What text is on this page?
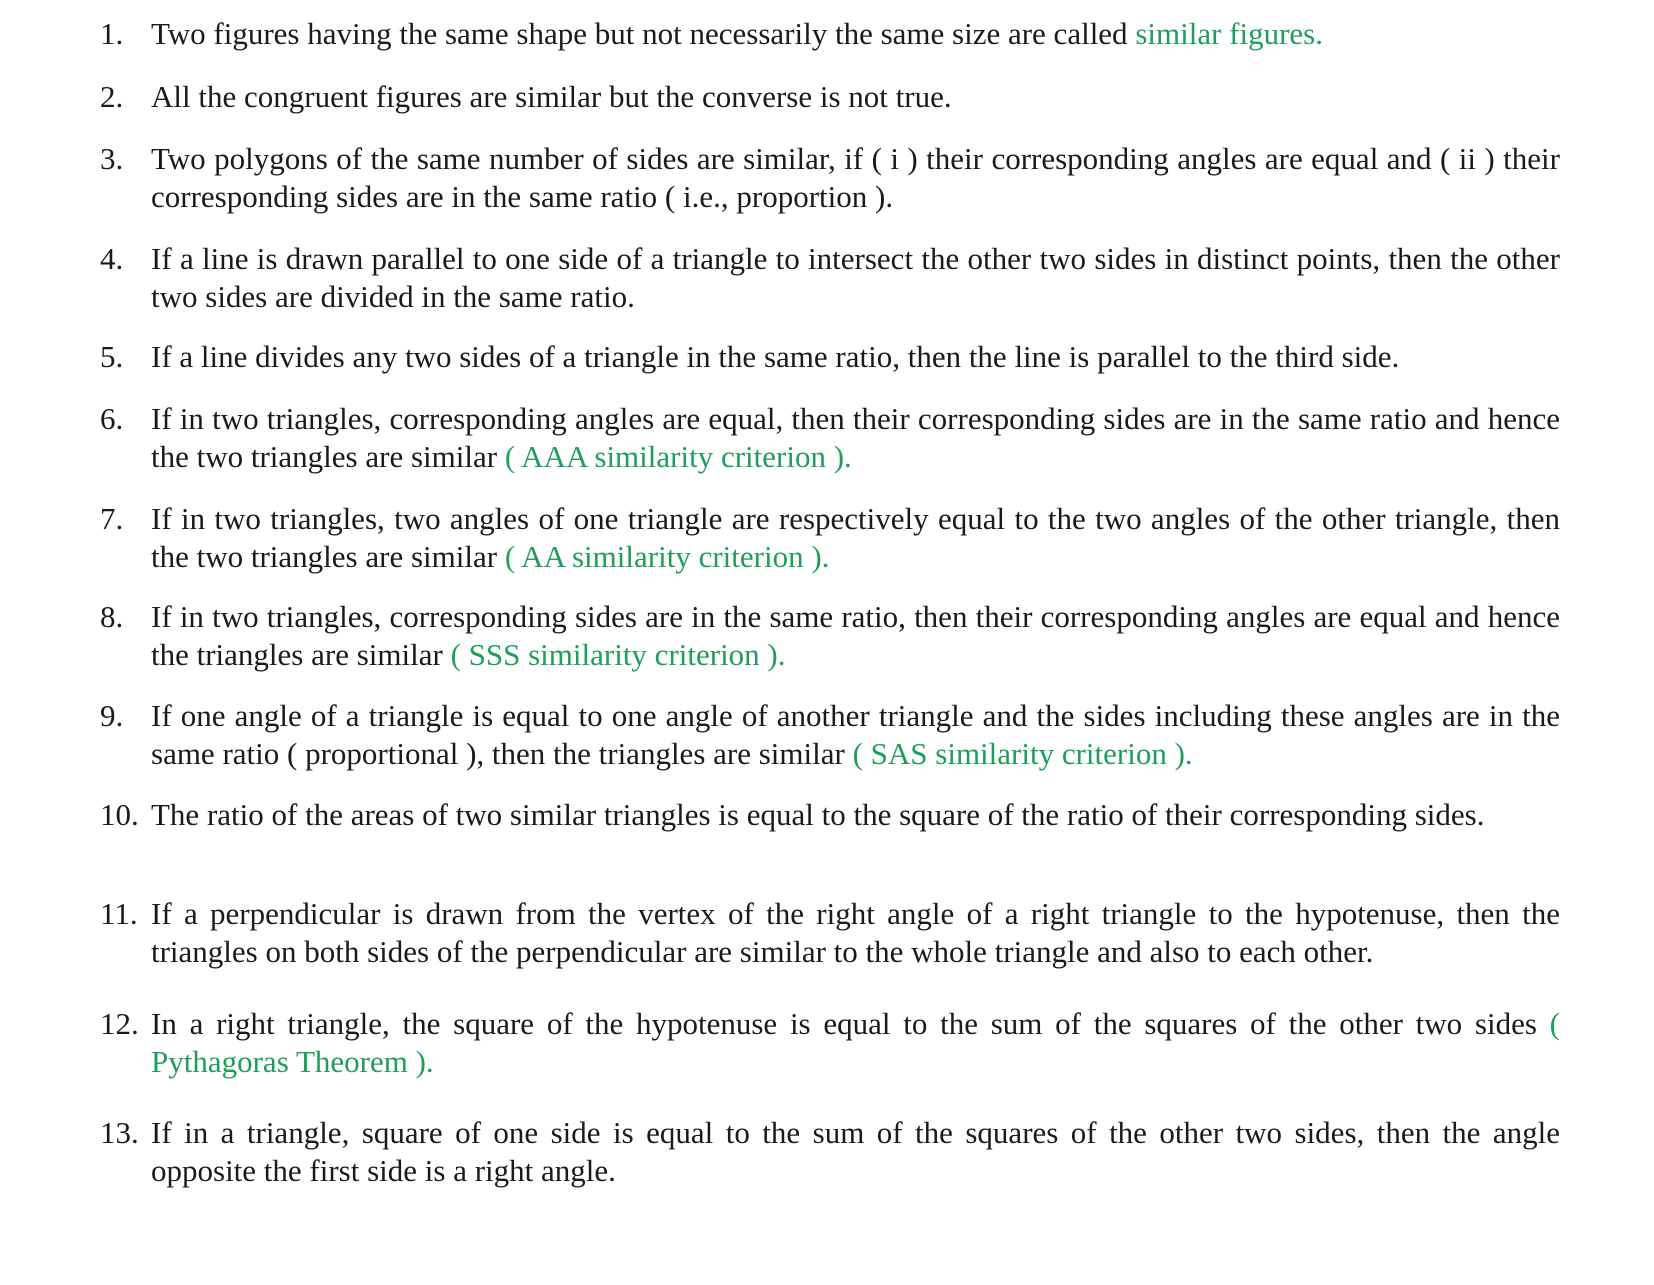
1. Two figures having the same shape but not necessarily the same size are called similar figures.
2. All the congruent figures are similar but the converse is not true.
3. Two polygons of the same number of sides are similar, if ( i ) their corresponding angles are equal and ( ii ) their corresponding sides are in the same ratio ( i.e., proportion ).
4. If a line is drawn parallel to one side of a triangle to intersect the other two sides in distinct points, then the other two sides are divided in the same ratio.
5. If a line divides any two sides of a triangle in the same ratio, then the line is parallel to the third side.
6. If in two triangles, corresponding angles are equal, then their corresponding sides are in the same ratio and hence the two triangles are similar ( AAA similarity criterion ).
7. If in two triangles, two angles of one triangle are respectively equal to the two angles of the other triangle, then the two triangles are similar ( AA similarity criterion ).
8. If in two triangles, corresponding sides are in the same ratio, then their corresponding angles are equal and hence the triangles are similar ( SSS similarity criterion ).
9. If one angle of a triangle is equal to one angle of another triangle and the sides including these angles are in the same ratio ( proportional ), then the triangles are similar ( SAS similarity criterion ).
10. The ratio of the areas of two similar triangles is equal to the square of the ratio of their corresponding sides.
11. If a perpendicular is drawn from the vertex of the right angle of a right triangle to the hypotenuse, then the triangles on both sides of the perpendicular are similar to the whole triangle and also to each other.
12. In a right triangle, the square of the hypotenuse is equal to the sum of the squares of the other two sides ( Pythagoras Theorem ).
13. If in a triangle, square of one side is equal to the sum of the squares of the other two sides, then the angle opposite the first side is a right angle.
